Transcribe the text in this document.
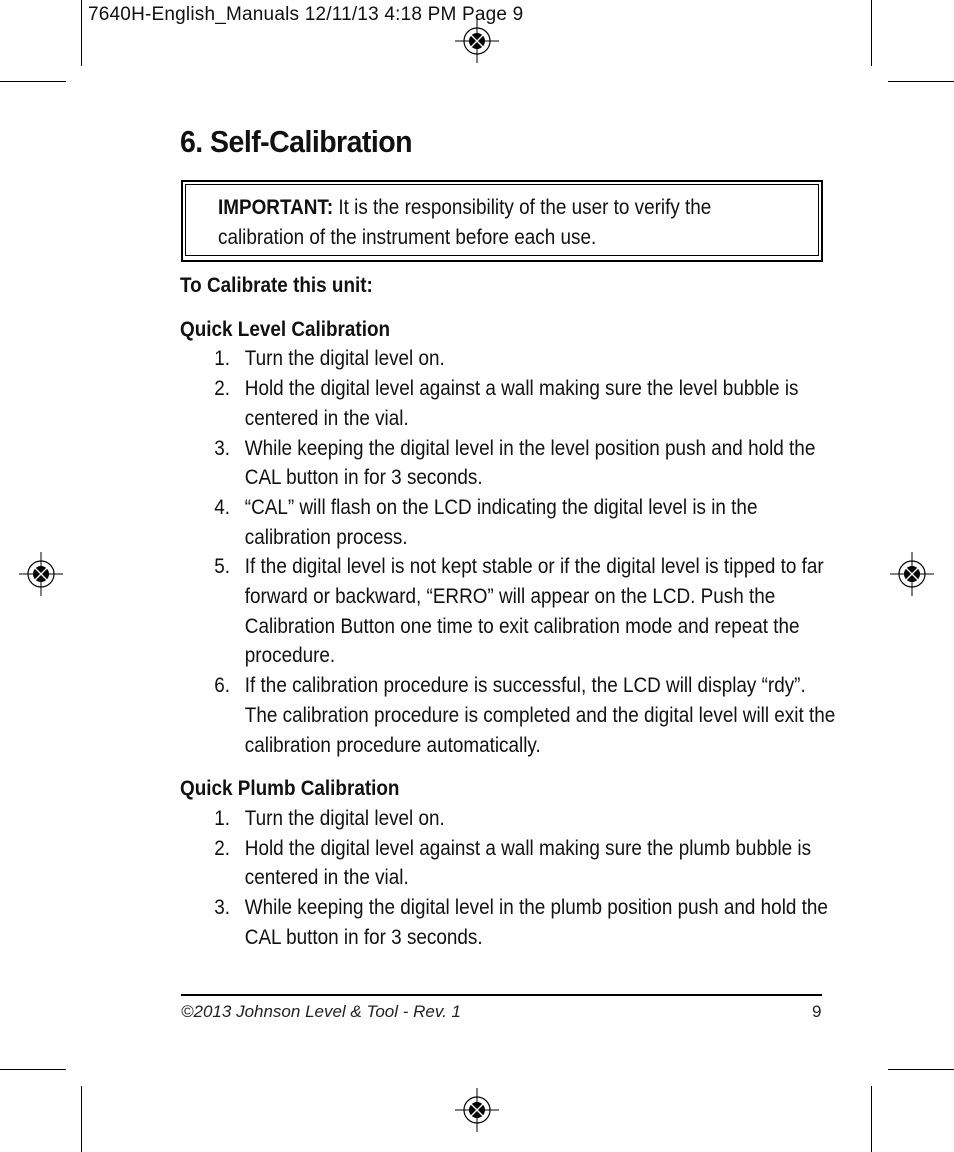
7640H-English_Manuals 12/11/13 4:18 PM Page 9
6. Self-Calibration
IMPORTANT: It is the responsibility of the user to verify the calibration of the instrument before each use.

To Calibrate this unit:

Quick Level Calibration

1. Turn the digital level on.
2. Hold the digital level against a wall making sure the level bubble is centered in the vial.
3. While keeping the digital level in the level position push and hold the CAL button in for 3 seconds.
4. “CAL” will flash on the LCD indicating the digital level is in the calibration process.
5. If the digital level is not kept stable or if the digital level is tipped to far forward or backward, “ERRO” will appear on the LCD. Push the Calibration Button one time to exit calibration mode and repeat the procedure.
6. If the calibration procedure is successful, the LCD will display “rdy”. The calibration procedure is completed and the digital level will exit the calibration procedure automatically.

Quick Plumb Calibration

1. Turn the digital level on.
2. Hold the digital level against a wall making sure the plumb bubble is centered in the vial.
3. While keeping the digital level in the plumb position push and hold the CAL button in for 3 seconds.
©2013 Johnson Level & Tool - Rev. 1	9
